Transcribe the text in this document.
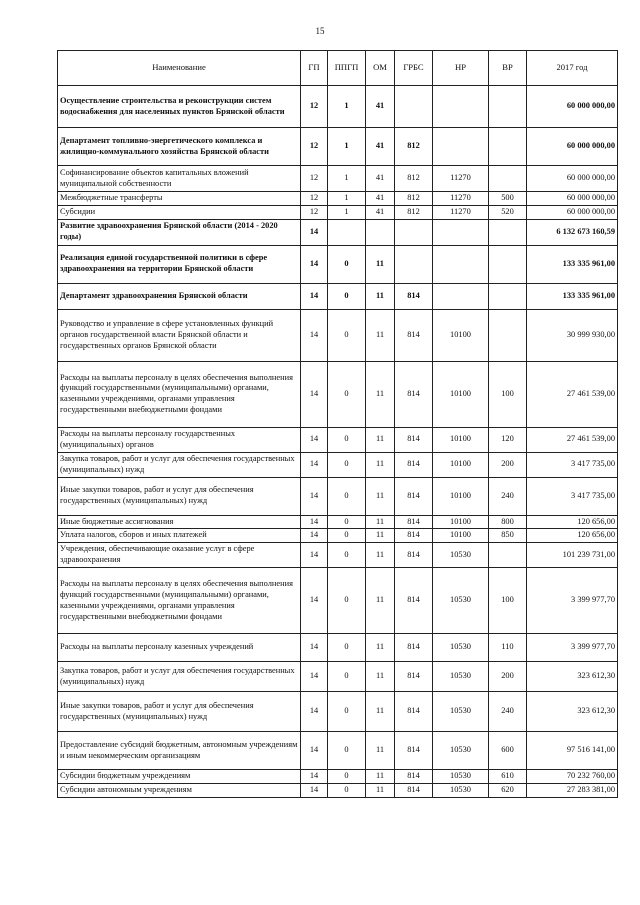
15
Наименование	ГП	ППГП	ОМ	ГРБС	НР	ВР	2017 год
Осуществление строительства и реконструкции систем водоснабжения для населенных пунктов Брянской области	12	1	41				60 000 000,00
Департамент топливно-энергетического комплекса и жилищно-коммунального хозяйства Брянской области	12	1	41	812			60 000 000,00
Софинансирование объектов капитальных вложений муниципальной собственности	12	1	41	812	11270		60 000 000,00
Межбюджетные трансферты	12	1	41	812	11270	500	60 000 000,00
Субсидии	12	1	41	812	11270	520	60 000 000,00
Развитие здравоохранения Брянской области (2014 - 2020 годы)	14						6 132 673 160,59
Реализация единой государственной политики в сфере здравоохранения на территории Брянской области	14	0	11				133 335 961,00
Департамент здравоохранения Брянской области	14	0	11	814			133 335 961,00
Руководство и управление в сфере установленных функций органов государственной власти Брянской области и государственных органов Брянской области	14	0	11	814	10100		30 999 930,00
Расходы на выплаты персоналу в целях обеспечения выполнения функций государственными (муниципальными) органами, казенными учреждениями, органами управления государственными внебюджетными фондами	14	0	11	814	10100	100	27 461 539,00
Расходы на выплаты персоналу государственных (муниципальных) органов	14	0	11	814	10100	120	27 461 539,00
Закупка товаров, работ и услуг для обеспечения государственных (муниципальных) нужд	14	0	11	814	10100	200	3 417 735,00
Иные закупки товаров, работ и услуг для обеспечения государственных (муниципальных) нужд	14	0	11	814	10100	240	3 417 735,00
Иные бюджетные ассигнования	14	0	11	814	10100	800	120 656,00
Уплата налогов, сборов и иных платежей	14	0	11	814	10100	850	120 656,00
Учреждения, обеспечивающие оказание услуг в сфере здравоохранения	14	0	11	814	10530		101 239 731,00
Расходы на выплаты персоналу в целях обеспечения выполнения функций государственными (муниципальными) органами, казенными учреждениями, органами управления государственными внебюджетными фондами	14	0	11	814	10530	100	3 399 977,70
Расходы на выплаты персоналу казенных учреждений	14	0	11	814	10530	110	3 399 977,70
Закупка товаров, работ и услуг для обеспечения государственных (муниципальных) нужд	14	0	11	814	10530	200	323 612,30
Иные закупки товаров, работ и услуг для обеспечения государственных (муниципальных) нужд	14	0	11	814	10530	240	323 612,30
Предоставление субсидий бюджетным, автономным учреждениям и иным некоммерческим организациям	14	0	11	814	10530	600	97 516 141,00
Субсидии бюджетным учреждениям	14	0	11	814	10530	610	70 232 760,00
Субсидии автономным учреждениям	14	0	11	814	10530	620	27 283 381,00
